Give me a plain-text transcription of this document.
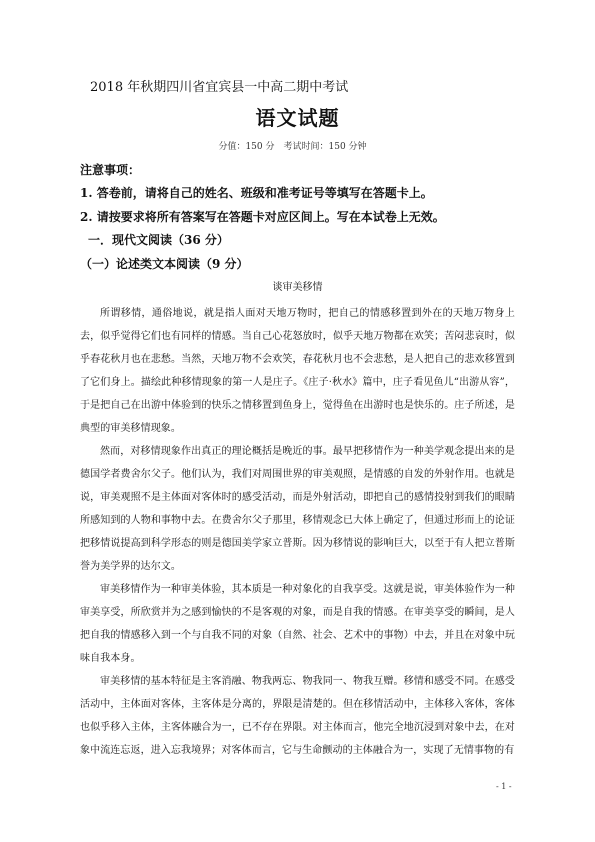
2018 年秋期四川省宜宾县一中高二期中考试
语文试题
分值：150 分　考试时间：150 分钟
注意事项：
1. 答卷前，请将自己的姓名、班级和准考证号等填写在答题卡上。
2. 请按要求将所有答案写在答题卡对应区间上。写在本试卷上无效。
一．现代文阅读（36 分）
（一）论述类文本阅读（9 分）
谈审美移情

所谓移情，通俗地说，就是指人面对天地万物时，把自己的情感移置到外在的天地万物身上去，似乎觉得它们也有同样的情感。当自己心花怒放时，似乎天地万物都在欢笑；苦闷悲哀时，似乎春花秋月也在悲愁。当然，天地万物不会欢笑，春花秋月也不会悲愁，是人把自己的悲欢移置到了它们身上。描绘此种移情现象的第一人是庄子。《庄子·秋水》篇中，庄子看见鱼儿“出游从容”，于是把自己在出游中体验到的快乐之情移置到鱼身上，觉得鱼在出游时也是快乐的。庄子所述，是典型的审美移情现象。

然而，对移情现象作出真正的理论概括是晚近的事。最早把移情作为一种美学观念提出来的是德国学者费舍尔父子。他们认为，我们对周围世界的审美观照，是情感的自发的外射作用。也就是说，审美观照不是主体面对客体时的感受活动，而是外射活动，即把自己的感情投射到我们的眼睛所感知到的人物和事物中去。在费舍尔父子那里，移情观念已大体上确定了，但通过形而上的论证把移情说提高到科学形态的则是德国美学家立普斯。因为移情说的影响巨大，以至于有人把立普斯誉为美学界的达尔文。

审美移情作为一种审美体验，其本质是一种对象化的自我享受。这就是说，审美体验作为一种审美享受，所欣赏并为之感到愉快的不是客观的对象，而是自我的情感。在审美享受的瞬间，是人把自我的情感移入到一个与自我不同的对象（自然、社会、艺术中的事物）中去，并且在对象中玩味自我本身。

审美移情的基本特征是主客消融、物我两忘、物我同一、物我互赠。移情和感受不同。在感受活动中，主体面对客体，主客体是分离的，界限是清楚的。但在移情活动中，主体移入客体，客体也似乎移入主体，主客体融合为一，已不存在界限。对主体而言，他完全地沉浸到对象中去，在对象中流连忘返，进入忘我境界；对客体而言，它与生命颤动的主体融合为一，实现了无情事物的有

- 1 -
